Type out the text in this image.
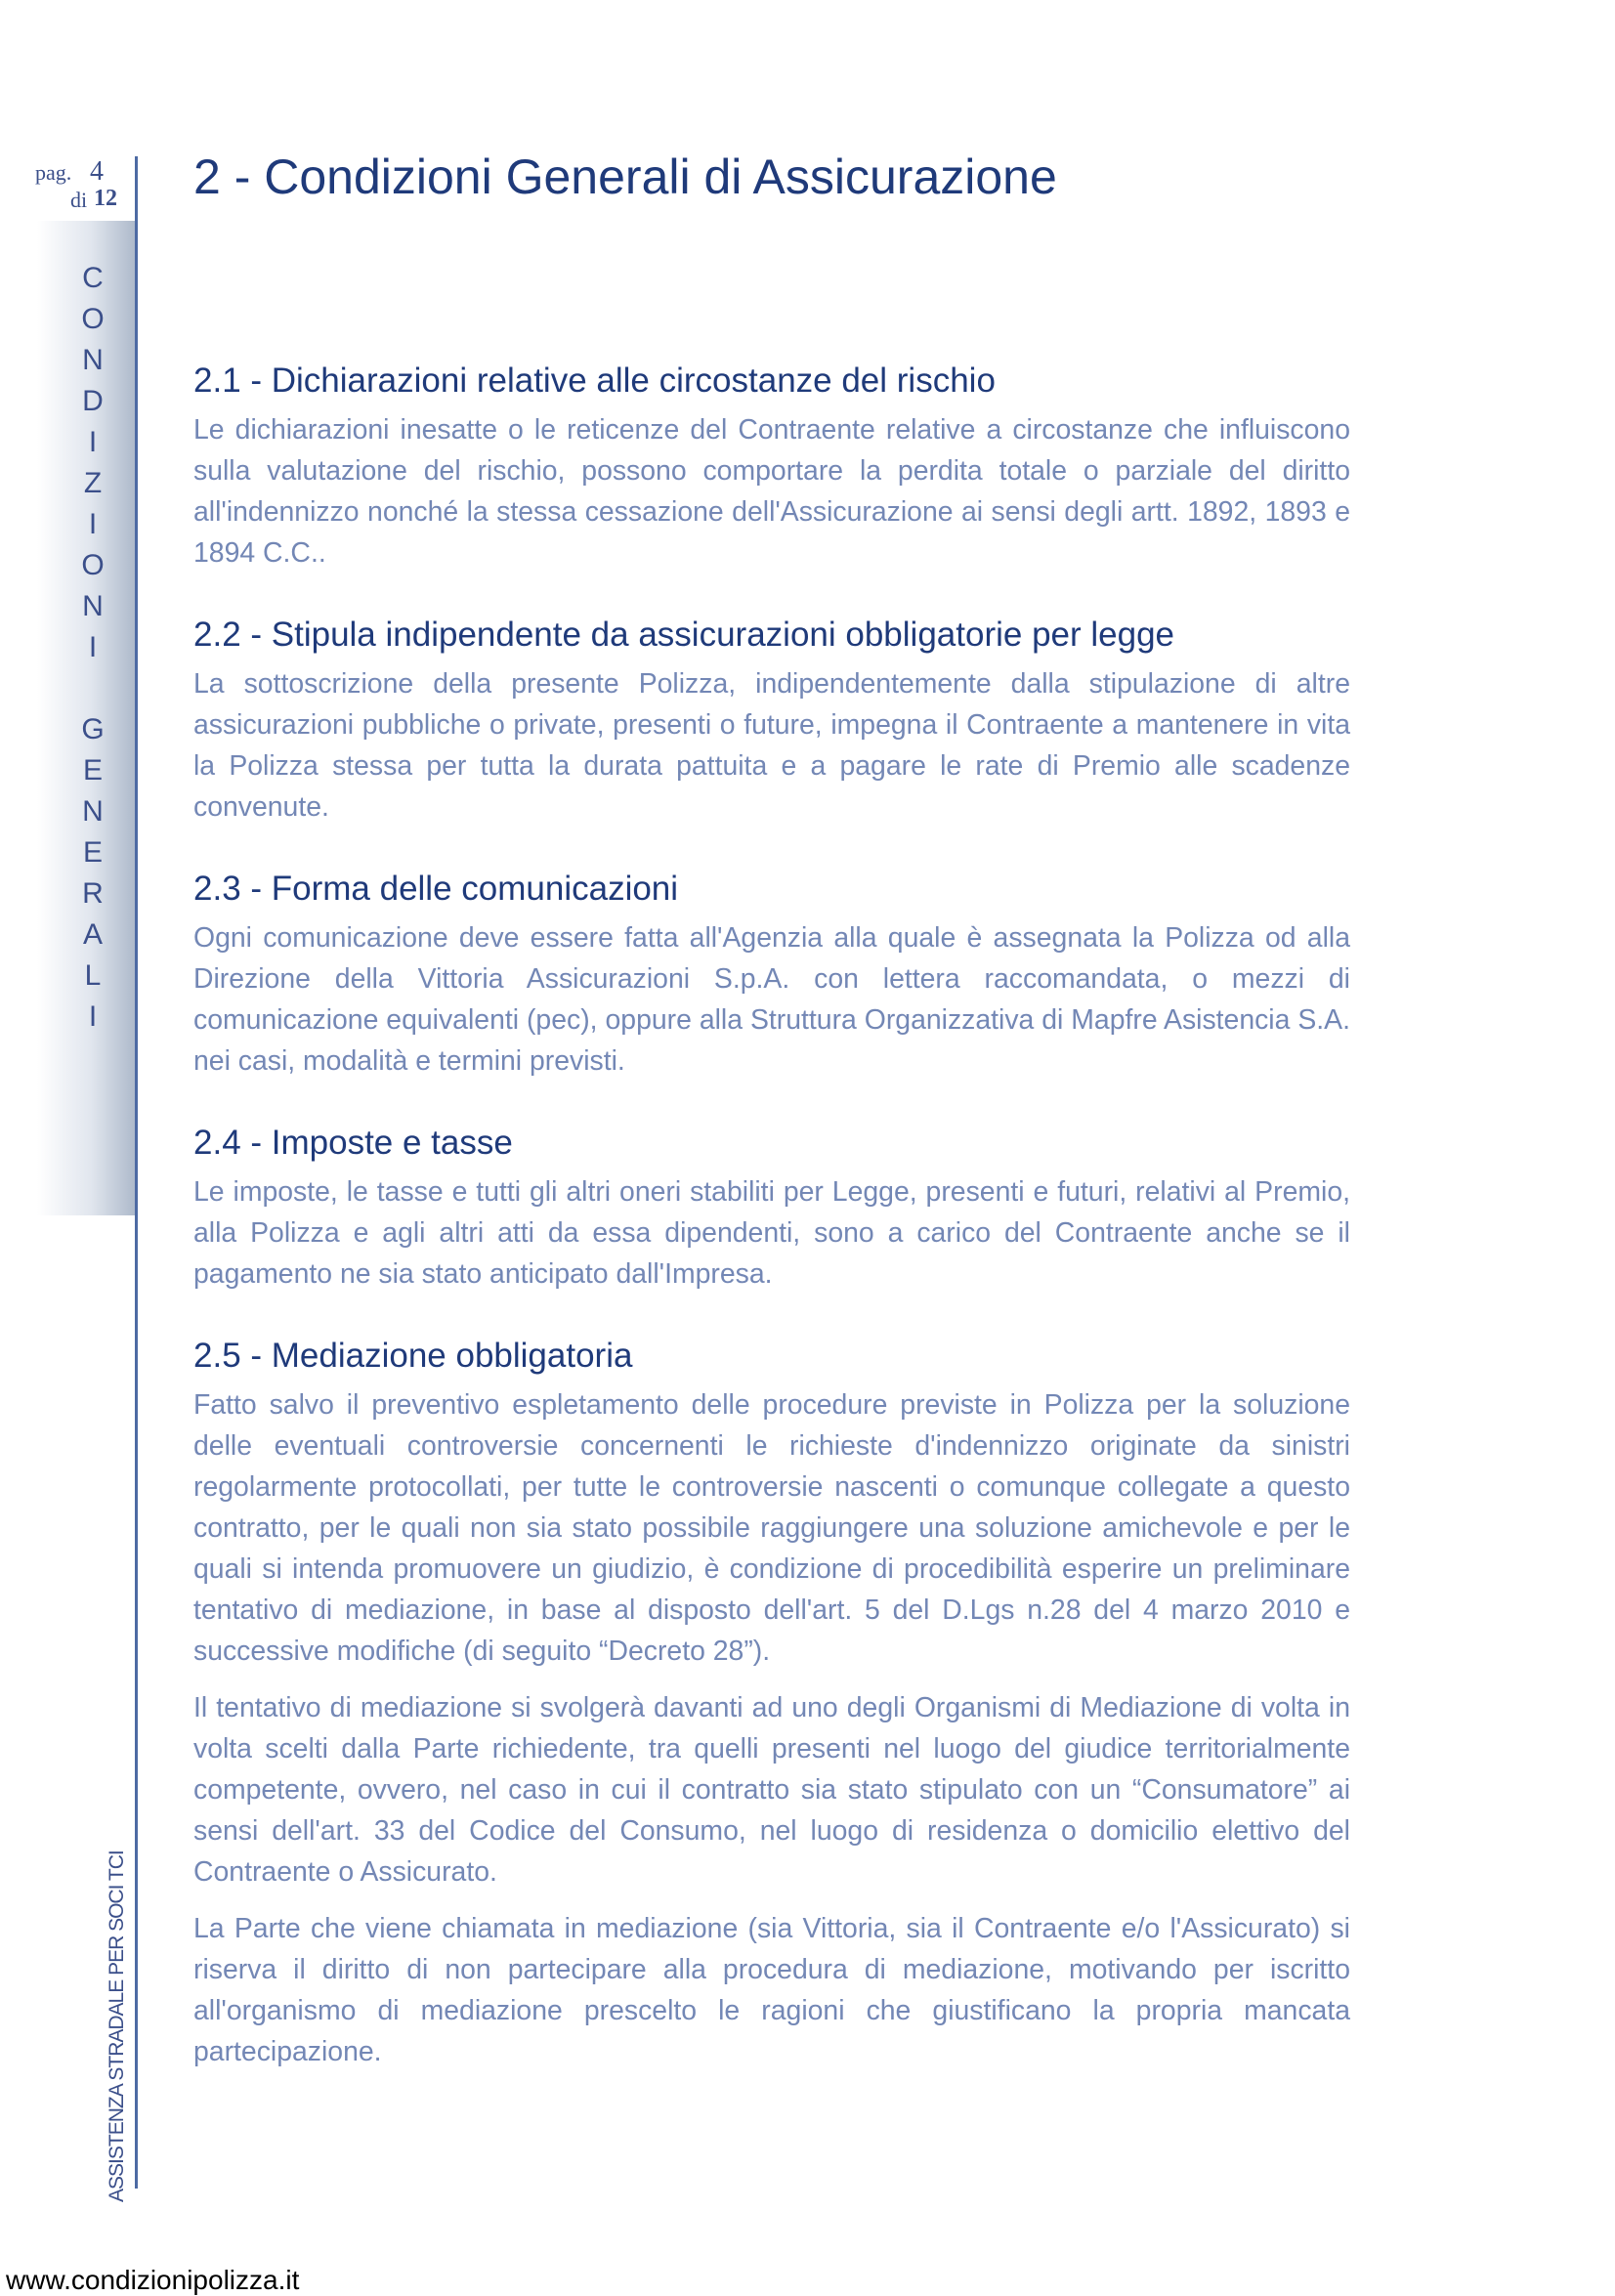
pag. 4
di 12
C
O
N
D
I
Z
I
O
N
I
G
E
N
E
R
A
L
I
ASSISTENZA STRADALE PER SOCI TCI
2 - Condizioni Generali di Assicurazione
2.1 - Dichiarazioni relative alle circostanze del rischio

Le dichiarazioni inesatte o le reticenze del Contraente relative a circostanze che influiscono sulla valutazione del rischio, possono comportare la perdita totale o parziale del diritto all'indennizzo nonché la stessa cessazione dell'Assicurazione ai sensi degli artt. 1892, 1893 e 1894 C.C..

2.2 - Stipula indipendente da assicurazioni obbligatorie per legge

La sottoscrizione della presente Polizza, indipendentemente dalla stipulazione di altre assicurazioni pubbliche o private, presenti o future, impegna il Contraente a mantenere in vita la Polizza stessa per tutta la durata pattuita e a pagare le rate di Premio alle scadenze convenute.

2.3 - Forma delle comunicazioni

Ogni comunicazione deve essere fatta all'Agenzia alla quale è assegnata la Polizza od alla Direzione della Vittoria Assicurazioni S.p.A. con lettera raccomandata, o mezzi di comunicazione equivalenti (pec), oppure alla Struttura Organizzativa di Mapfre Asistencia S.A. nei casi, modalità e termini previsti.

2.4 - Imposte e tasse

Le imposte, le tasse e tutti gli altri oneri stabiliti per Legge, presenti e futuri, relativi al Premio, alla Polizza e agli altri atti da essa dipendenti, sono a carico del Contraente anche se il pagamento ne sia stato anticipato dall'Impresa.

2.5 - Mediazione obbligatoria

Fatto salvo il preventivo espletamento delle procedure previste in Polizza per la soluzione delle eventuali controversie concernenti le richieste d'indennizzo originate da sinistri regolarmente protocollati, per tutte le controversie nascenti o comunque collegate a questo contratto, per le quali non sia stato possibile raggiungere una soluzione amichevole e per le quali si intenda promuovere un giudizio, è condizione di procedibilità esperire un preliminare tentativo di mediazione, in base al disposto dell'art. 5 del D.Lgs n.28 del 4 marzo 2010 e successive modifiche (di seguito “Decreto 28”).

Il tentativo di mediazione si svolgerà davanti ad uno degli Organismi di Mediazione di volta in volta scelti dalla Parte richiedente, tra quelli presenti nel luogo del giudice territorialmente competente, ovvero, nel caso in cui il contratto sia stato stipulato con un “Consumatore” ai sensi dell'art. 33 del Codice del Consumo, nel luogo di residenza o domicilio elettivo del Contraente o Assicurato.

La Parte che viene chiamata in mediazione (sia Vittoria, sia il Contraente e/o l'Assicurato) si riserva il diritto di non partecipare alla procedura di mediazione, motivando per iscritto all'organismo di mediazione prescelto le ragioni che giustificano la propria mancata partecipazione.

www.condizionipolizza.it
